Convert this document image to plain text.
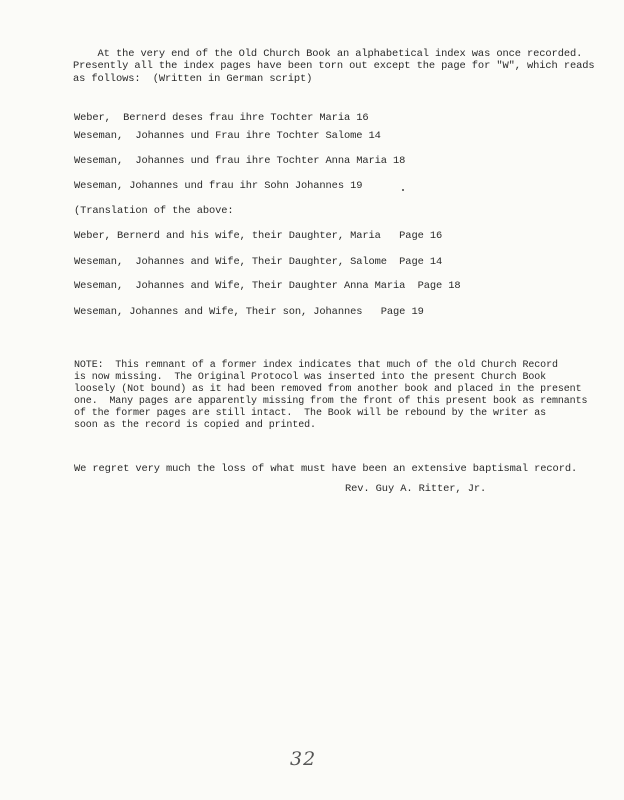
At the very end of the Old Church Book an alphabetical index was once recorded.
Presently all the index pages have been torn out except the page for "W", which reads
as follows:  (Written in German script)
Weber,  Bernerd deses frau ihre Tochter Maria 16
Weseman,  Johannes und Frau ihre Tochter Salome 14
Weseman,  Johannes und frau ihre Tochter Anna Maria 18
Weseman, Johannes und frau ihr Sohn Johannes 19
(Translation of the above:
Weber, Bernerd and his wife, their Daughter, Maria   Page 16
Weseman,  Johannes and Wife, Their Daughter, Salome  Page 14
Weseman,  Johannes and Wife, Their Daughter Anna Maria  Page 18
Weseman, Johannes and Wife, Their son, Johannes   Page 19
NOTE:  This remnant of a former index indicates that much of the old Church Record
is now missing.  The Original Protocol was inserted into the present Church Book
loosely (Not bound) as it had been removed from another book and placed in the present
one.  Many pages are apparently missing from the front of this present book as remnants
of the former pages are still intact.  The Book will be rebound by the writer as
soon as the record is copied and printed.
We regret very much the loss of what must have been an extensive baptismal record.
Rev. Guy A. Ritter, Jr.
32
